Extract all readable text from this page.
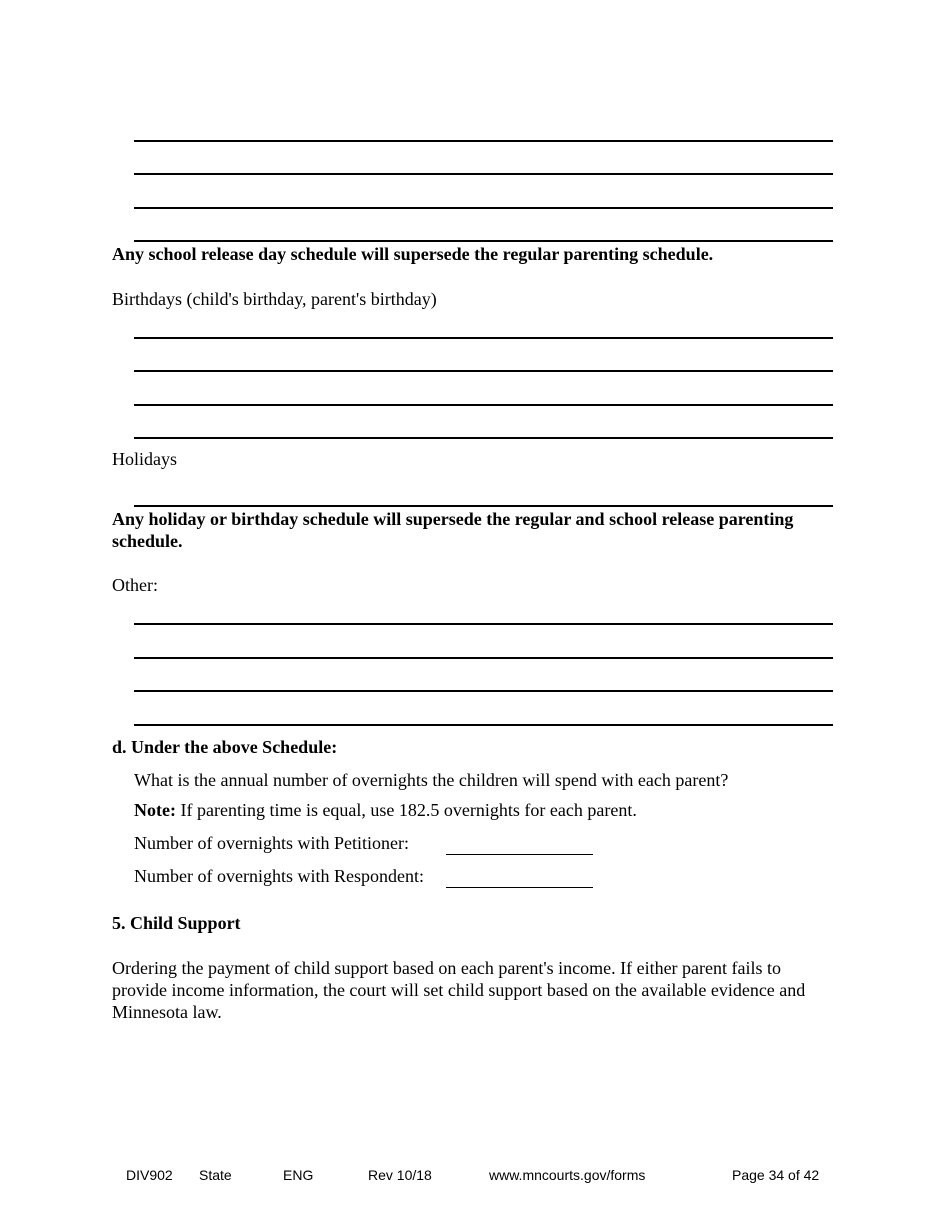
Any school release day schedule will supersede the regular parenting schedule.
Birthdays (child's birthday, parent's birthday)
Holidays
Any holiday or birthday schedule will supersede the regular and school release parenting schedule.
Other:
d. Under the above Schedule:
What is the annual number of overnights the children will spend with each parent?
Note: If parenting time is equal, use 182.5 overnights for each parent.
Number of overnights with Petitioner:
Number of overnights with Respondent:
5. Child Support
Ordering the payment of child support based on each parent's income. If either parent fails to provide income information, the court will set child support based on the available evidence and Minnesota law.
DIV902 State	ENG	Rev 10/18	www.mncourts.gov/forms	Page 34 of 42
